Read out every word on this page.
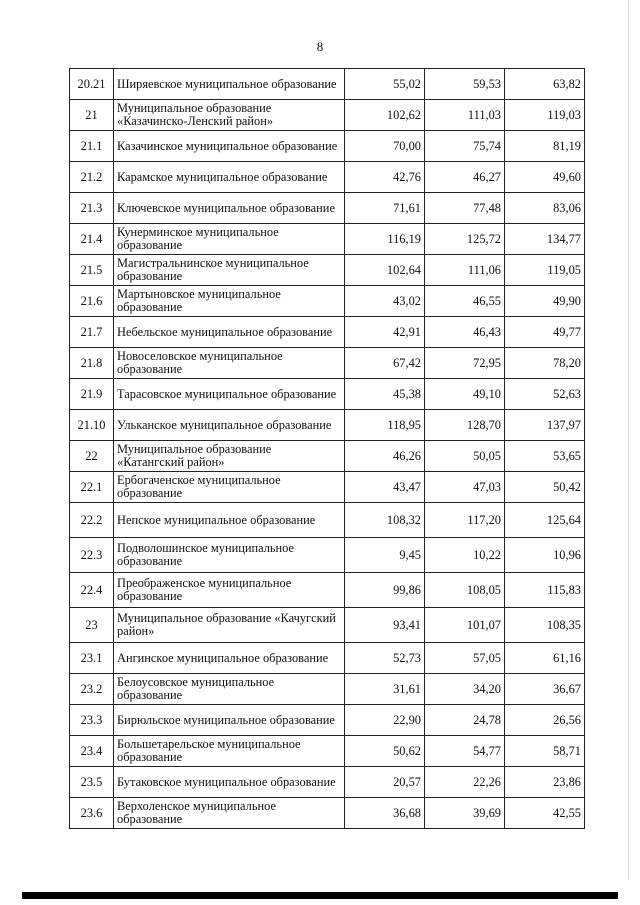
8
20.21	Ширяевское муниципальное образование	55,02	59,53	63,82
21	Муниципальное образование «Казачинско-Ленский район»	102,62	111,03	119,03
21.1	Казачинское муниципальное образование	70,00	75,74	81,19
21.2	Карамское муниципальное образование	42,76	46,27	49,60
21.3	Ключевское муниципальное образование	71,61	77,48	83,06
21.4	Кунерминское муниципальное образование	116,19	125,72	134,77
21.5	Магистральнинское муниципальное образование	102,64	111,06	119,05
21.6	Мартыновское муниципальное образование	43,02	46,55	49,90
21.7	Небельское муниципальное образование	42,91	46,43	49,77
21.8	Новоселовское муниципальное образование	67,42	72,95	78,20
21.9	Тарасовское муниципальное образование	45,38	49,10	52,63
21.10	Ульканское муниципальное образование	118,95	128,70	137,97
22	Муниципальное образование «Катангский район»	46,26	50,05	53,65
22.1	Ербогаченское муниципальное образование	43,47	47,03	50,42
22.2	Непское муниципальное образование	108,32	117,20	125,64
22.3	Подволошинское муниципальное образование	9,45	10,22	10,96
22.4	Преображенское муниципальное образование	99,86	108,05	115,83
23	Муниципальное образование «Качугский район»	93,41	101,07	108,35
23.1	Ангинское муниципальное образование	52,73	57,05	61,16
23.2	Белоусовское муниципальное образование	31,61	34,20	36,67
23.3	Бирюльское муниципальное образование	22,90	24,78	26,56
23.4	Большетарельское муниципальное образование	50,62	54,77	58,71
23.5	Бутаковское муниципальное образование	20,57	22,26	23,86
23.6	Верхоленское муниципальное образование	36,68	39,69	42,55
